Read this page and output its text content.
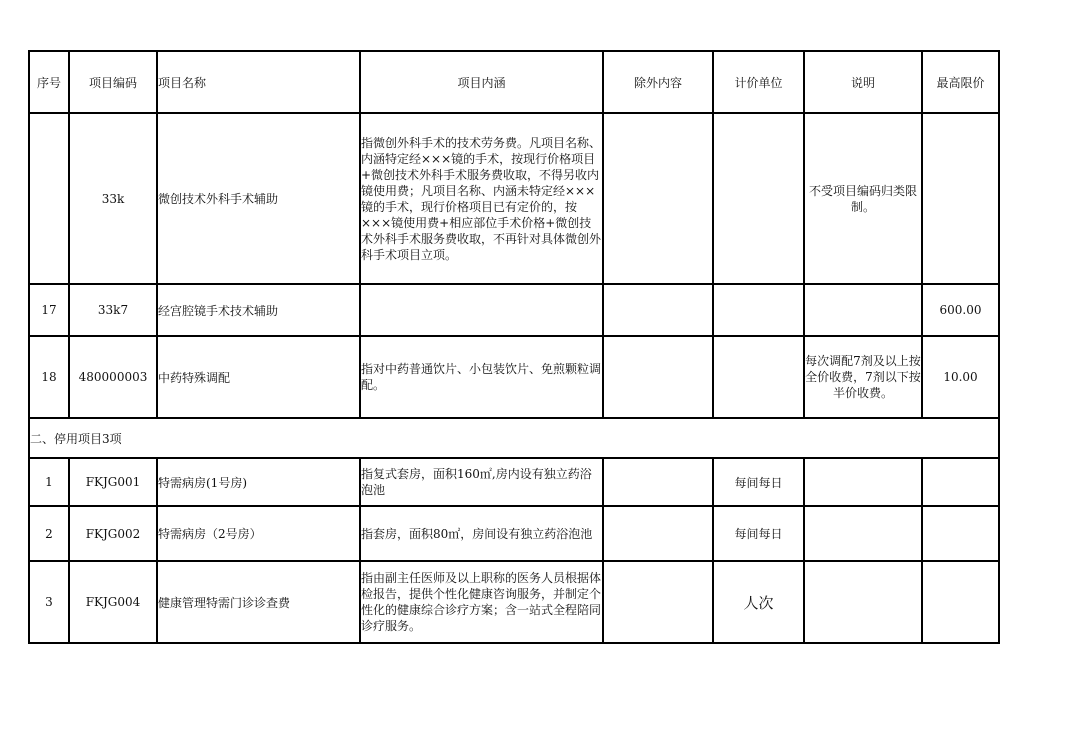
序号	项目编码	项目名称	项目内涵	除外内容	计价单位	说明	最高限价
	33k	微创技术外科手术辅助	指微创外科手术的技术劳务费。凡项目名称、内涵特定经×××镜的手术，按现行价格项目+微创技术外科手术服务费收取，不得另收内镜使用费；凡项目名称、内涵未特定经×××镜的手术，现行价格项目已有定价的，按×××镜使用费+相应部位手术价格+微创技术外科手术服务费收取，不再针对具体微创外科手术项目立项。			不受项目编码归类限制。	
17	33k7	经宫腔镜手术技术辅助					600.00
18	480000003	中药特殊调配	指对中药普通饮片、小包装饮片、免煎颗粒调配。			每次调配7剂及以上按全价收费，7剂以下按半价收费。	10.00
二、停用项目3项							
1	FKJG001	特需病房(1号房)	指复式套房，面积160㎡,房内设有独立药浴泡池		每间每日		
2	FKJG002	特需病房（2号房）	指套房，面积80㎡，房间设有独立药浴泡池		每间每日		
3	FKJG004	健康管理特需门诊诊查费	指由副主任医师及以上职称的医务人员根据体检报告，提供个性化健康咨询服务，并制定个性化的健康综合诊疗方案；含一站式全程陪同诊疗服务。		人次		
